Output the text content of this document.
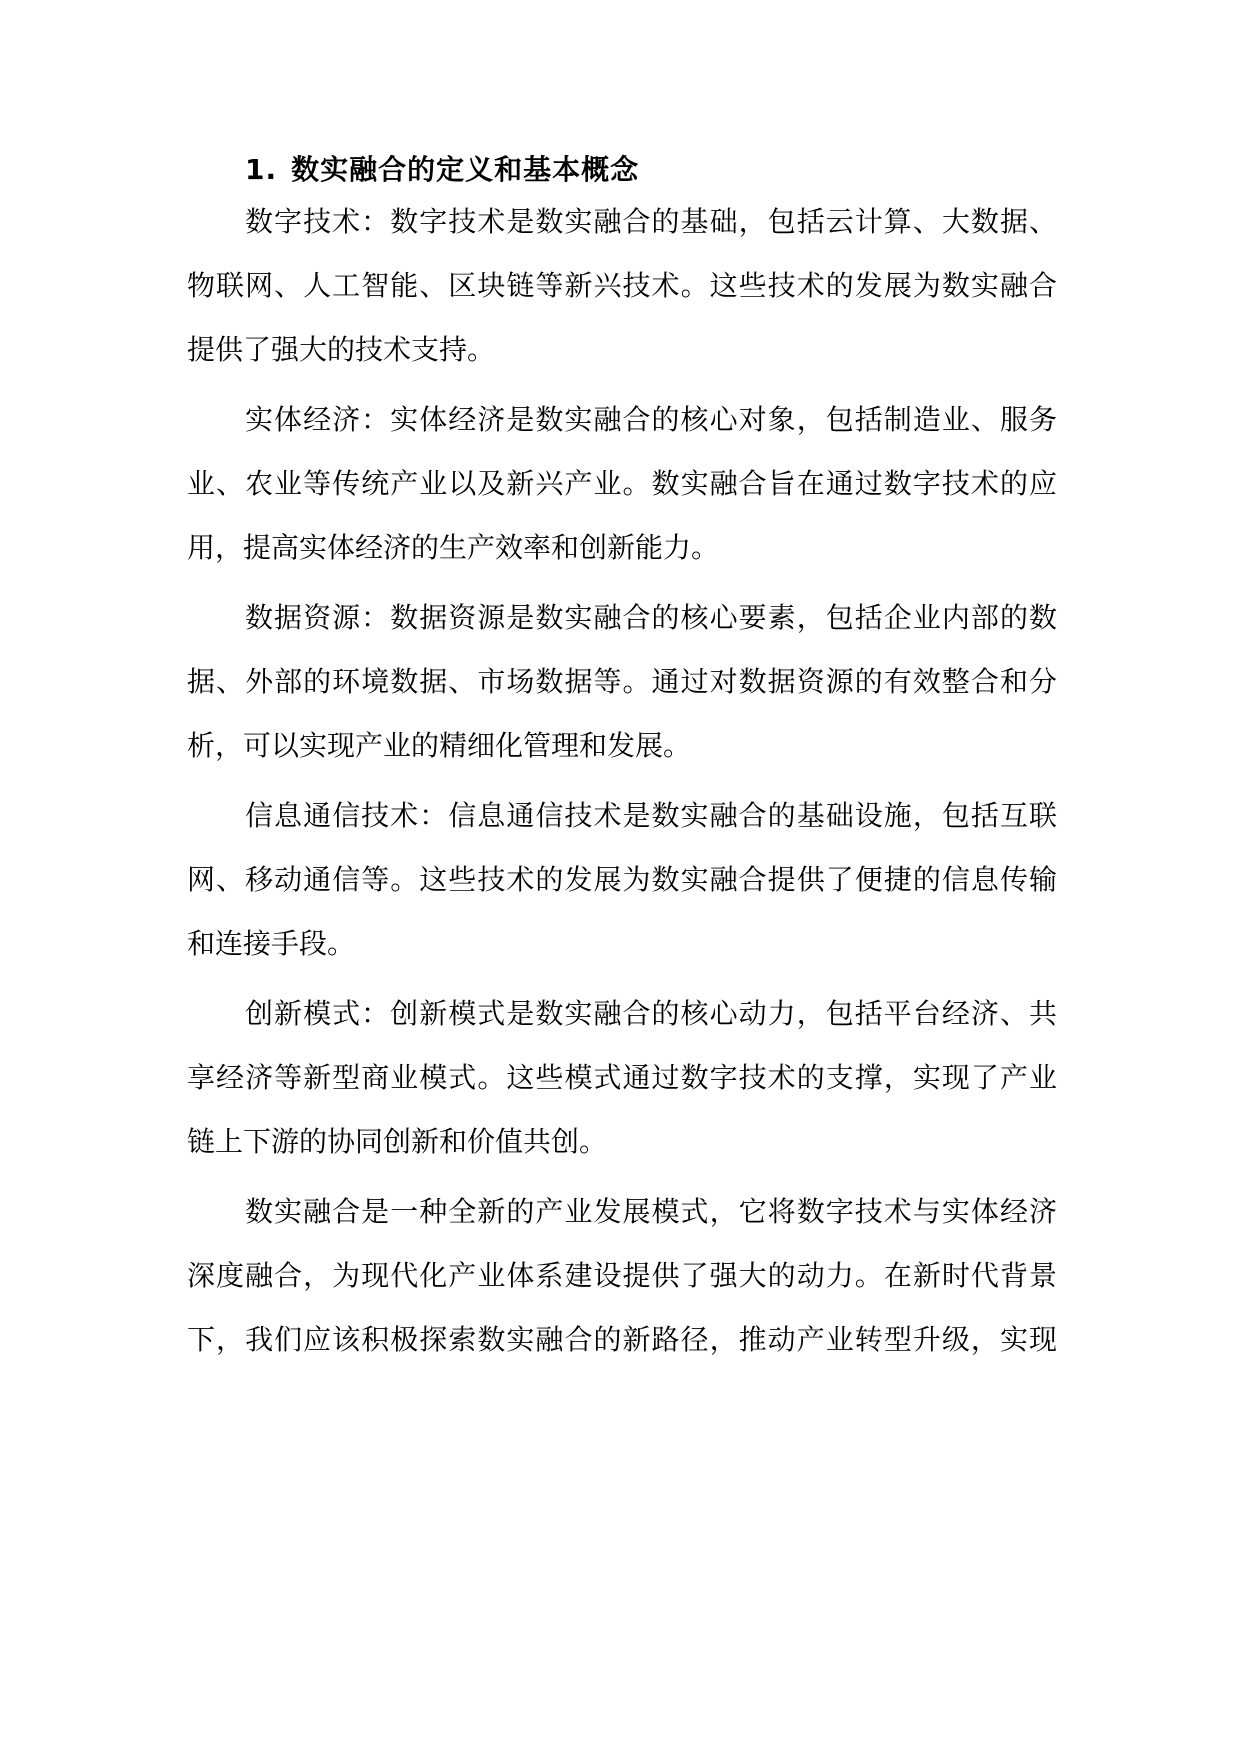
1. 数实融合的定义和基本概念
数字技术：数字技术是数实融合的基础，包括云计算、大数据、
物联网、人工智能、区块链等新兴技术。这些技术的发展为数实融合
提供了强大的技术支持。
实体经济：实体经济是数实融合的核心对象，包括制造业、服务
业、农业等传统产业以及新兴产业。数实融合旨在通过数字技术的应
用，提高实体经济的生产效率和创新能力。
数据资源：数据资源是数实融合的核心要素，包括企业内部的数
据、外部的环境数据、市场数据等。通过对数据资源的有效整合和分
析，可以实现产业的精细化管理和发展。
信息通信技术：信息通信技术是数实融合的基础设施，包括互联
网、移动通信等。这些技术的发展为数实融合提供了便捷的信息传输
和连接手段。
创新模式：创新模式是数实融合的核心动力，包括平台经济、共
享经济等新型商业模式。这些模式通过数字技术的支撑，实现了产业
链上下游的协同创新和价值共创。
数实融合是一种全新的产业发展模式，它将数字技术与实体经济
深度融合，为现代化产业体系建设提供了强大的动力。在新时代背景
下，我们应该积极探索数实融合的新路径，推动产业转型升级，实现
